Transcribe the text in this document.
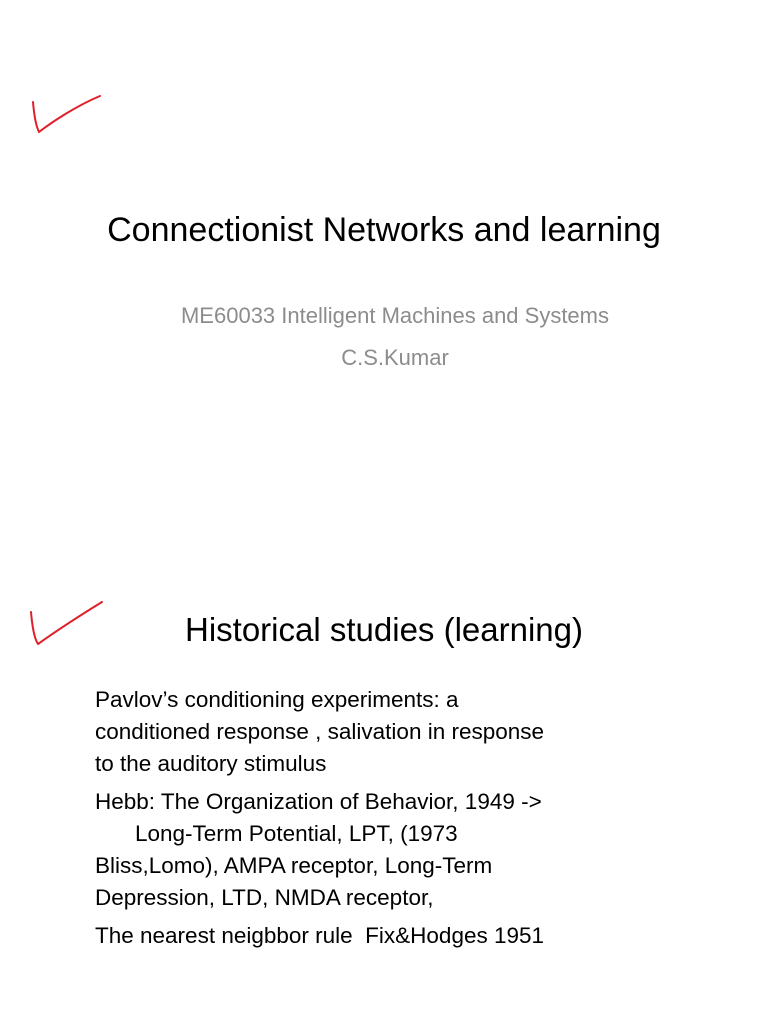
Connectionist Networks and learning
ME60033 Intelligent Machines and Systems
C.S.Kumar
Historical studies (learning)

Pavlov’s conditioning experiments: a
conditioned response , salivation in response
to the auditory stimulus

Hebb: The Organization of Behavior, 1949 ->
Long-Term Potential, LPT, (1973
Bliss,Lomo), AMPA receptor, Long-Term
Depression, LTD, NMDA receptor,

The nearest neigbbor rule  Fix&Hodges 1951
